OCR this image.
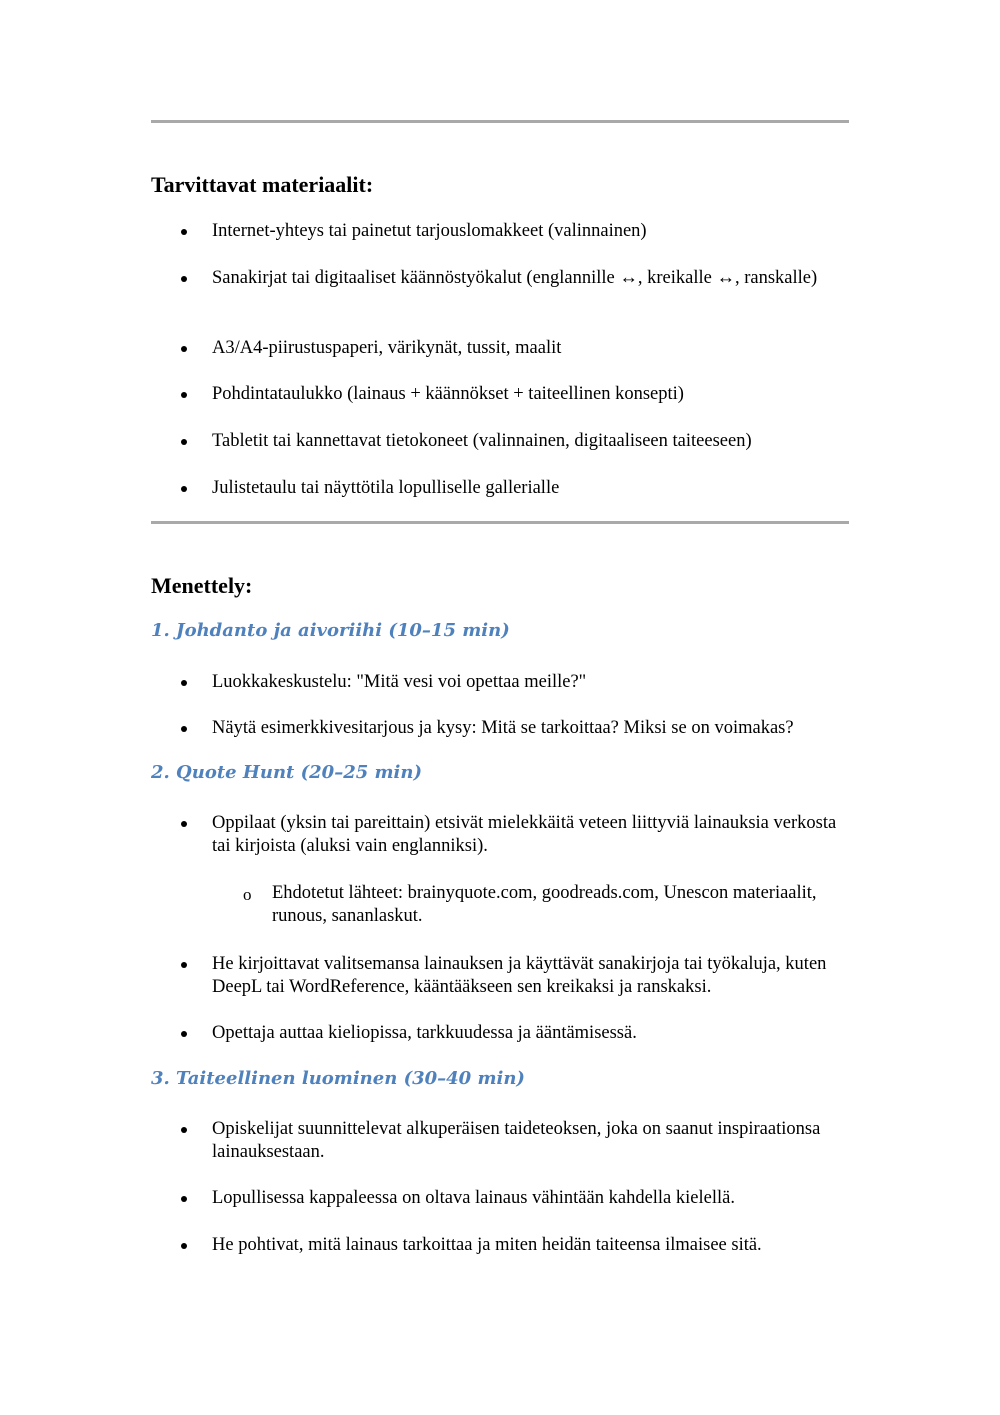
Tarvittavat materiaalit:
Internet-yhteys tai painetut tarjouslomakkeet (valinnainen)
Sanakirjat tai digitaaliset käännöstyökalut (englannille ↔, kreikalle ↔, ranskalle)
A3/A4-piirustuspaperi, värikynät, tussit, maalit
Pohdintataulukko (lainaus + käännökset + taiteellinen konsepti)
Tabletit tai kannettavat tietokoneet (valinnainen, digitaaliseen taiteeseen)
Julistetaulu tai näyttötila lopulliselle gallerialle
Menettely:
1. Johdanto ja aivoriihi (10–15 min)
Luokkakeskustelu: "Mitä vesi voi opettaa meille?"
Näytä esimerkkivesitarjous ja kysy: Mitä se tarkoittaa? Miksi se on voimakas?
2. Quote Hunt (20–25 min)
Oppilaat (yksin tai pareittain) etsivät mielekkäitä veteen liittyviä lainauksia verkosta tai kirjoista (aluksi vain englanniksi).
o Ehdotetut lähteet: brainyquote.com, goodreads.com, Unescon materiaalit, runous, sananlaskut.
He kirjoittavat valitsemansa lainauksen ja käyttävät sanakirjoja tai työkaluja, kuten DeepL tai WordReference, kääntääkseen sen kreikaksi ja ranskaksi.
Opettaja auttaa kieliopissa, tarkkuudessa ja ääntämisessä.
3. Taiteellinen luominen (30–40 min)
Opiskelijat suunnittelevat alkuperäisen taideteoksen, joka on saanut inspiraationsa lainauksestaan.
Lopullisessa kappaleessa on oltava lainaus vähintään kahdella kielellä.
He pohtivat, mitä lainaus tarkoittaa ja miten heidän taiteensa ilmaisee sitä.
